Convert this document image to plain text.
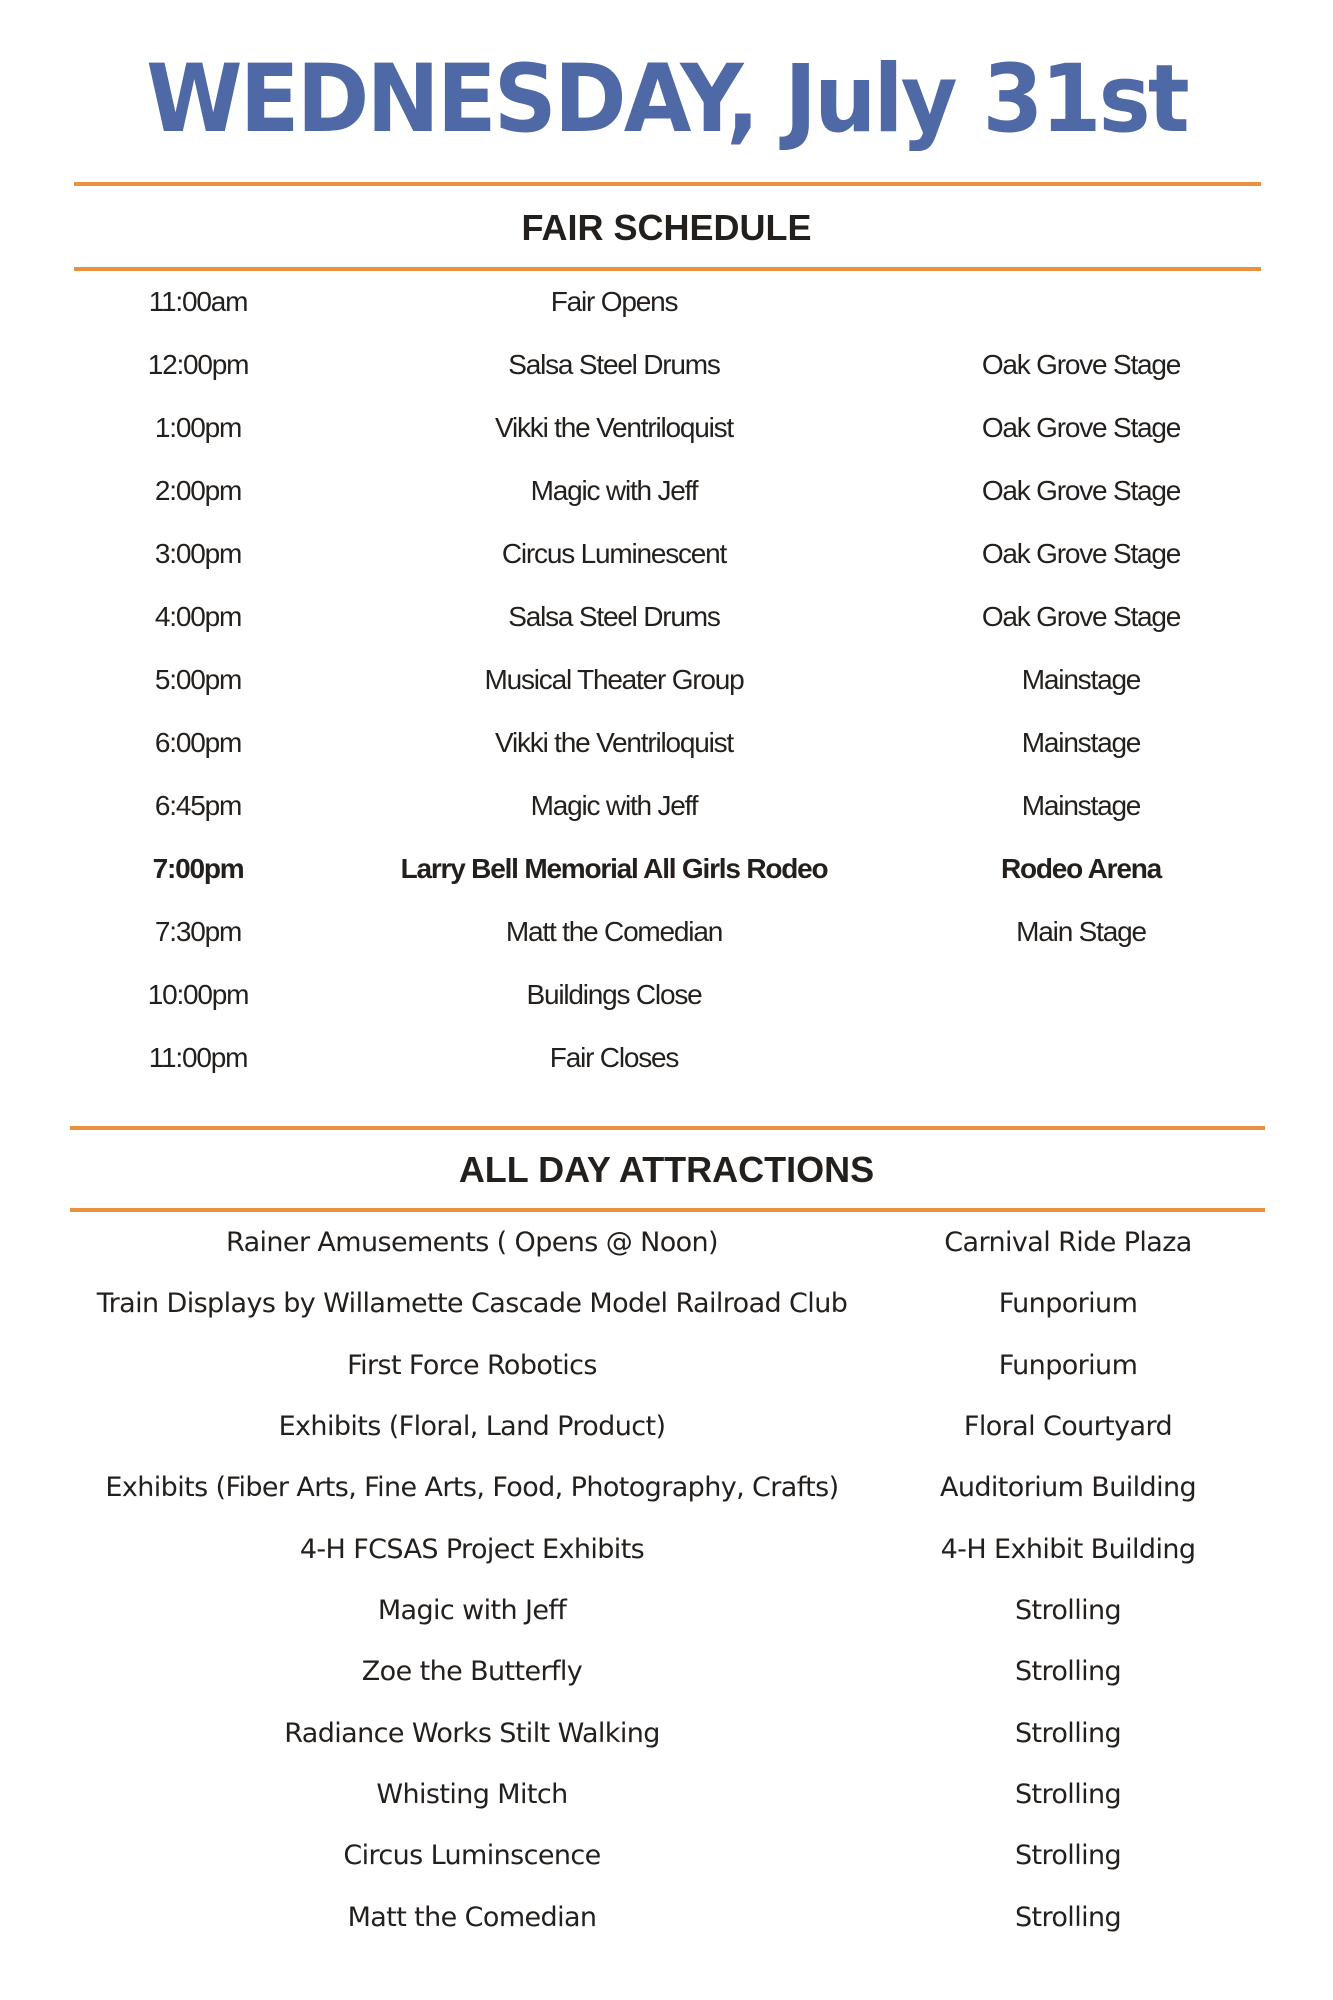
WEDNESDAY, July 31st
FAIR SCHEDULE
11:00am	Fair Opens
12:00pm	Salsa Steel Drums	Oak Grove Stage
1:00pm	Vikki the Ventriloquist	Oak Grove Stage
2:00pm	Magic with Jeff	Oak Grove Stage
3:00pm	Circus Luminescent	Oak Grove Stage
4:00pm	Salsa Steel Drums	Oak Grove Stage
5:00pm	Musical Theater Group	Mainstage
6:00pm	Vikki the Ventriloquist	Mainstage
6:45pm	Magic with Jeff	Mainstage
7:00pm	Larry Bell Memorial All Girls Rodeo	Rodeo Arena
7:30pm	Matt the Comedian	Main Stage
10:00pm	Buildings Close
11:00pm	Fair Closes
ALL DAY ATTRACTIONS
Rainer Amusements ( Opens @ Noon)	Carnival Ride Plaza
Train Displays by Willamette Cascade Model Railroad Club	Funporium
First Force Robotics	Funporium
Exhibits (Floral, Land Product)	Floral Courtyard
Exhibits (Fiber Arts, Fine Arts, Food, Photography, Crafts)	Auditorium Building
4-H FCSAS Project Exhibits	4-H Exhibit Building
Magic with Jeff	Strolling
Zoe the Butterfly	Strolling
Radiance Works Stilt Walking	Strolling
Whisting Mitch	Strolling
Circus Luminscence	Strolling
Matt the Comedian	Strolling
